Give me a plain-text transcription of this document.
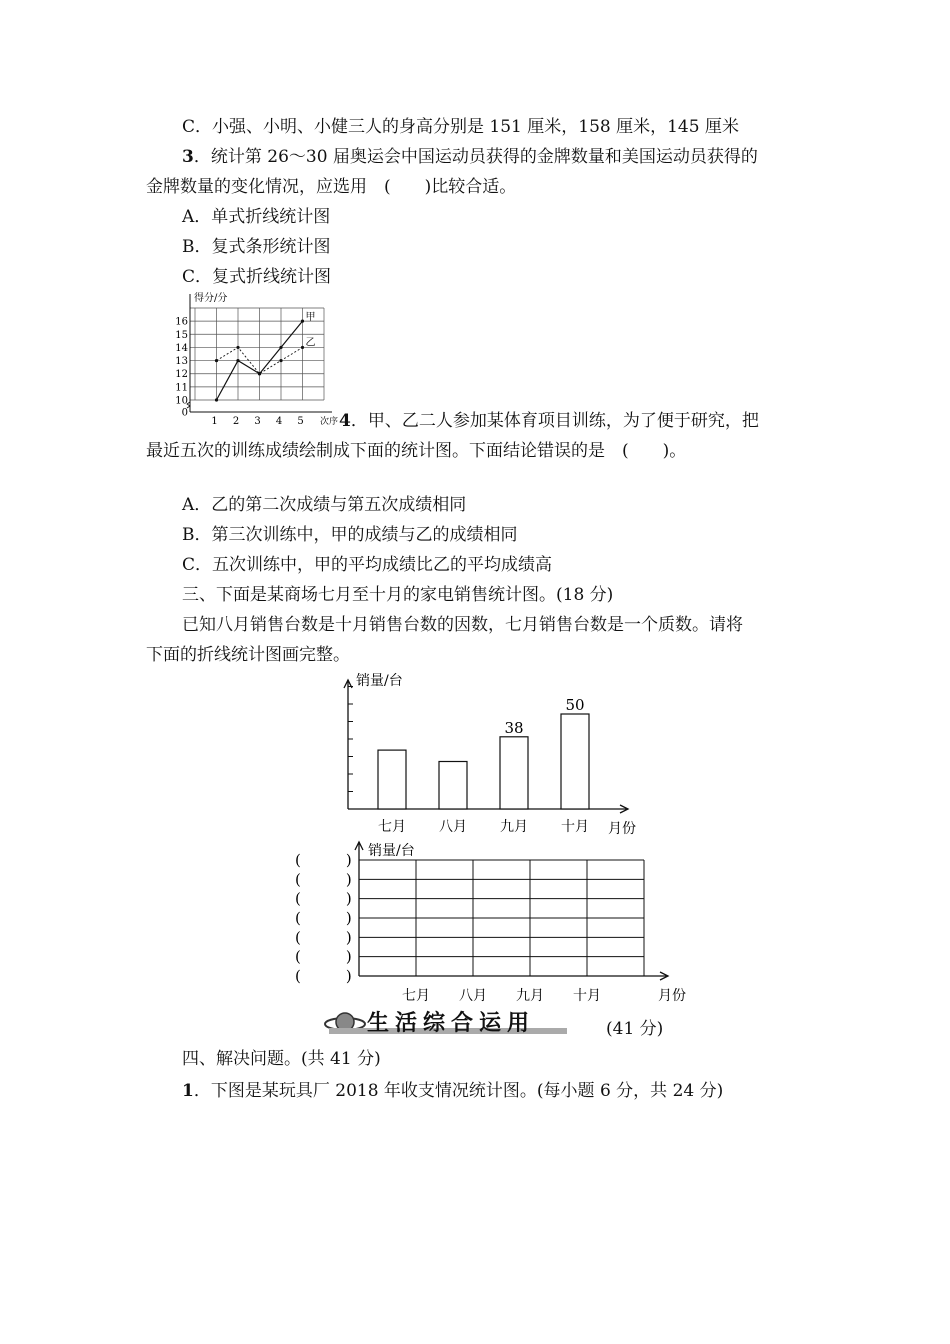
C．小强、小明、小健三人的身高分别是 151 厘米，158 厘米，145 厘米
3．统计第 26～30 届奥运会中国运动员获得的金牌数量和美国运动员获得的
金牌数量的变化情况，应选用　(　　)比较合适。
A．单式折线统计图
B．复式条形统计图
C．复式折线统计图
0
10
11
12
13
14
15
16
1 2 3 4 5 次序
得分/分
甲
乙
4．甲、乙二人参加某体育项目训练，为了便于研究，把
最近五次的训练成绩绘制成下面的统计图。下面结论错误的是　(　　)。
A．乙的第二次成绩与第五次成绩相同
B．第三次训练中，甲的成绩与乙的成绩相同
C．五次训练中，甲的平均成绩比乙的平均成绩高
三、下面是某商场七月至十月的家电销售统计图。(18 分)
已知八月销售台数是十月销售台数的因数，七月销售台数是一个质数。请将
下面的折线统计图画完整。
七月 八月
38
九月
50
十月 月份
销量/台
(　　　)
(　　　)
(　　　)
(　　　)
(　　　)
(　　　)
(　　　)
七月 八月 九月 十月	月份
销量/台
生活综合运用	(41 分)
四、解决问题。(共 41 分)
1．下图是某玩具厂 2018 年收支情况统计图。(每小题 6 分，共 24 分)
